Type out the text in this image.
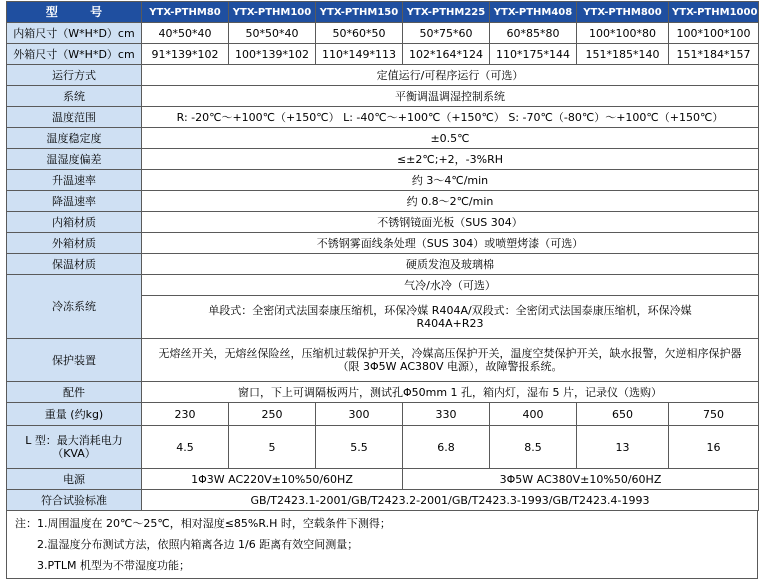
型 号	YTX-PTHM80	YTX-PTHM100	YTX-PTHM150	YTX-PTHM225	YTX-PTHM408	YTX-PTHM800	YTX-PTHM1000
内箱尺寸（W*H*D）cm	40*50*40	50*50*40	50*60*50	50*75*60	60*85*80	100*100*80	100*100*100
外箱尺寸（W*H*D）cm	91*139*102	100*139*102	110*149*113	102*164*124	110*175*144	151*185*140	151*184*157
运行方式	定值运行/可程序运行（可选）						
系统	平衡调温调湿控制系统						
温度范围	R: -20℃～+100℃（+150℃） L: -40℃～+100℃（+150℃） S: -70℃（-80℃）～+100℃（+150℃）						
温度稳定度	±0.5℃						
温湿度偏差	≤±2℃;+2，-3%RH						
升温速率	约 3～4℃/min						
降温速率	约 0.8～2℃/min						
内箱材质	不锈钢镜面光板（SUS 304）						
外箱材质	不锈钢雾面线条处理（SUS 304）或喷塑烤漆（可选）						
保温材质	硬质发泡及玻璃棉						
冷冻系统	气冷/水冷（可选）						
	单段式：全密闭式法国泰康压缩机，环保冷媒 R404A/双段式：全密闭式法国泰康压缩机，环保冷媒 R404A+R23						
保护装置	无熔丝开关，无熔丝保险丝，压缩机过载保护开关，冷媒高压保护开关，温度空焚保护开关，缺水报警，欠逆相序保护器（限 3Φ5W AC380V 电源），故障警报系统。						
配件	窗口，下上可调隔板两片，测试孔Φ50mm 1 孔，箱内灯，湿布 5 片，记录仪（选购）						
重量 (约kg)	230	250	300	330	400	650	750
L 型：最大消耗电力（KVA）	4.5	5	5.5	6.8	8.5	13	16
电源	1Φ3W AC220V±10%50/60HZ			3Φ5W AC380V±10%50/60HZ			
符合试验标准	GB/T2423.1-2001/GB/T2423.2-2001/GB/T2423.3-1993/GB/T2423.4-1993						
注：1.周围温度在 20℃～25℃，相对湿度≤85%R.H 时，空载条件下测得；
2.温湿度分布测试方法，依照内箱离各边 1/6 距离有效空间测量；
3.PTLM 机型为不带湿度功能；
